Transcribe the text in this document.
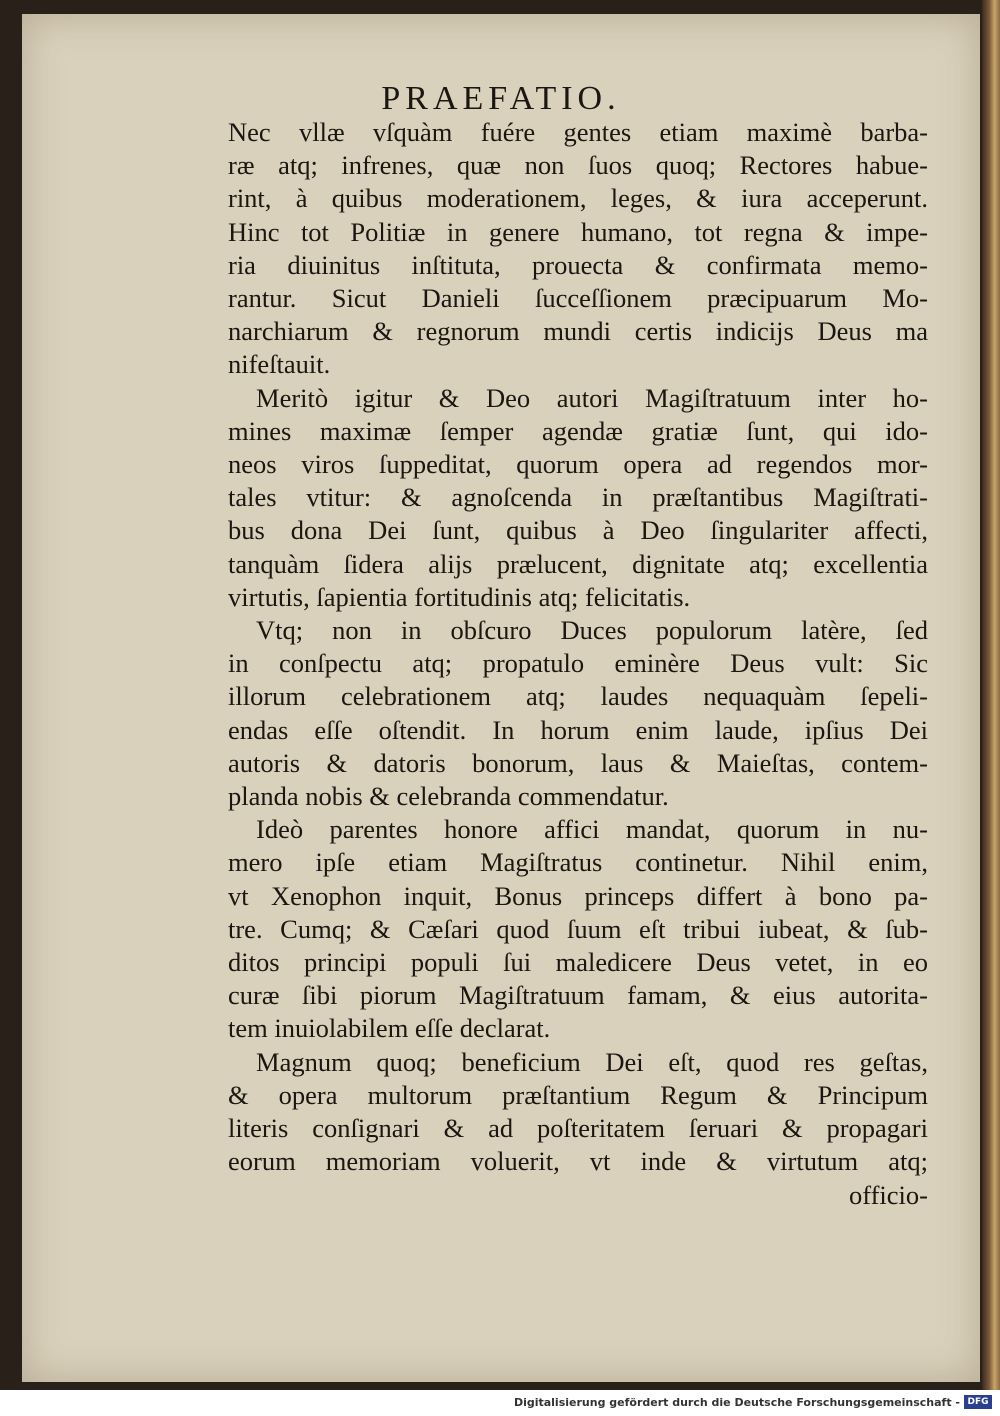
PRAEFATIO.
Nec vllæ vſquàm fuére gentes etiam maximè barba-
ræ atq; infrenes, quæ non ſuos quoq; Rectores habue-
rint, à quibus moderationem, leges, & iura acceperunt.
Hinc tot Politiæ in genere humano, tot regna & impe-
ria diuinitus inſtituta, prouecta & confirmata memo-
rantur. Sicut Danieli ſucceſſionem præcipuarum Mo-
narchiarum & regnorum mundi certis indicijs Deus ma
nifeſtauit.
Meritò igitur & Deo autori Magiſtratuum inter ho-
mines maximæ ſemper agendæ gratiæ ſunt, qui ido-
neos viros ſuppeditat, quorum opera ad regendos mor-
tales vtitur: & agnoſcenda in præſtantibus Magiſtrati-
bus dona Dei ſunt, quibus à Deo ſingulariter affecti,
tanquàm ſidera alijs prælucent, dignitate atq; excellentia
virtutis, ſapientia fortitudinis atq; felicitatis.
Vtq; non in obſcuro Duces populorum latère, ſed
in conſpectu atq; propatulo eminère Deus vult: Sic
illorum celebrationem atq; laudes nequaquàm ſepeli-
endas eſſe oſtendit. In horum enim laude, ipſius Dei
autoris & datoris bonorum, laus & Maieſtas, contem-
planda nobis & celebranda commendatur.
Ideò parentes honore affici mandat, quorum in nu-
mero ipſe etiam Magiſtratus continetur. Nihil enim,
vt Xenophon inquit, Bonus princeps differt à bono pa-
tre. Cumq; & Cæſari quod ſuum eſt tribui iubeat, & ſub-
ditos principi populi ſui maledicere Deus vetet, in eo
curæ ſibi piorum Magiſtratuum famam, & eius autorita-
tem inuiolabilem eſſe declarat.
Magnum quoq; beneficium Dei eſt, quod res geſtas,
& opera multorum præſtantium Regum & Principum
literis conſignari & ad poſteritatem ſeruari & propagari
eorum memoriam voluerit, vt inde & virtutum atq;
officio-
Digitalisierung gefördert durch die Deutsche Forschungsgemeinschaft - DFG
